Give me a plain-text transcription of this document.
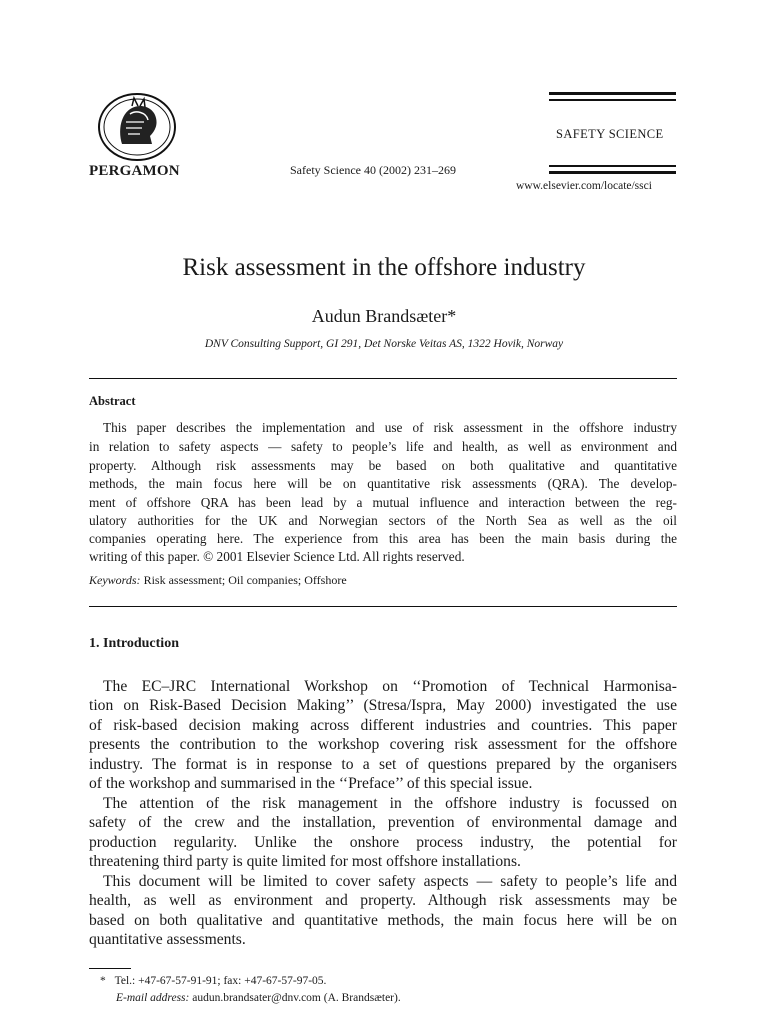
PERGAMON	Safety Science 40 (2002) 231–269
SAFETY SCIENCE
www.elsevier.com/locate/ssci
Risk assessment in the offshore industry
Audun Brandsæter*
DNV Consulting Support, GI 291, Det Norske Veitas AS, 1322 Hovik, Norway
Abstract
This paper describes the implementation and use of risk assessment in the offshore industry
in relation to safety aspects — safety to people’s life and health, as well as environment and
property. Although risk assessments may be based on both qualitative and quantitative
methods, the main focus here will be on quantitative risk assessments (QRA). The develop-
ment of offshore QRA has been lead by a mutual influence and interaction between the reg-
ulatory authorities for the UK and Norwegian sectors of the North Sea as well as the oil
companies operating here. The experience from this area has been the main basis during the
writing of this paper. © 2001 Elsevier Science Ltd. All rights reserved.
Keywords: Risk assessment; Oil companies; Offshore
1. Introduction
The EC–JRC International Workshop on ‘‘Promotion of Technical Harmonisa-
tion on Risk-Based Decision Making’’ (Stresa/Ispra, May 2000) investigated the use
of risk-based decision making across different industries and countries. This paper
presents the contribution to the workshop covering risk assessment for the offshore
industry. The format is in response to a set of questions prepared by the organisers
of the workshop and summarised in the ‘‘Preface’’ of this special issue.
The attention of the risk management in the offshore industry is focussed on
safety of the crew and the installation, prevention of environmental damage and
production regularity. Unlike the onshore process industry, the potential for
threatening third party is quite limited for most offshore installations.
This document will be limited to cover safety aspects — safety to people’s life and
health, as well as environment and property. Although risk assessments may be
based on both qualitative and quantitative methods, the main focus here will be on
quantitative assessments.
* Tel.: +47-67-57-91-91; fax: +47-67-57-97-05.
E-mail address: audun.brandsater@dnv.com (A. Brandsæter).
